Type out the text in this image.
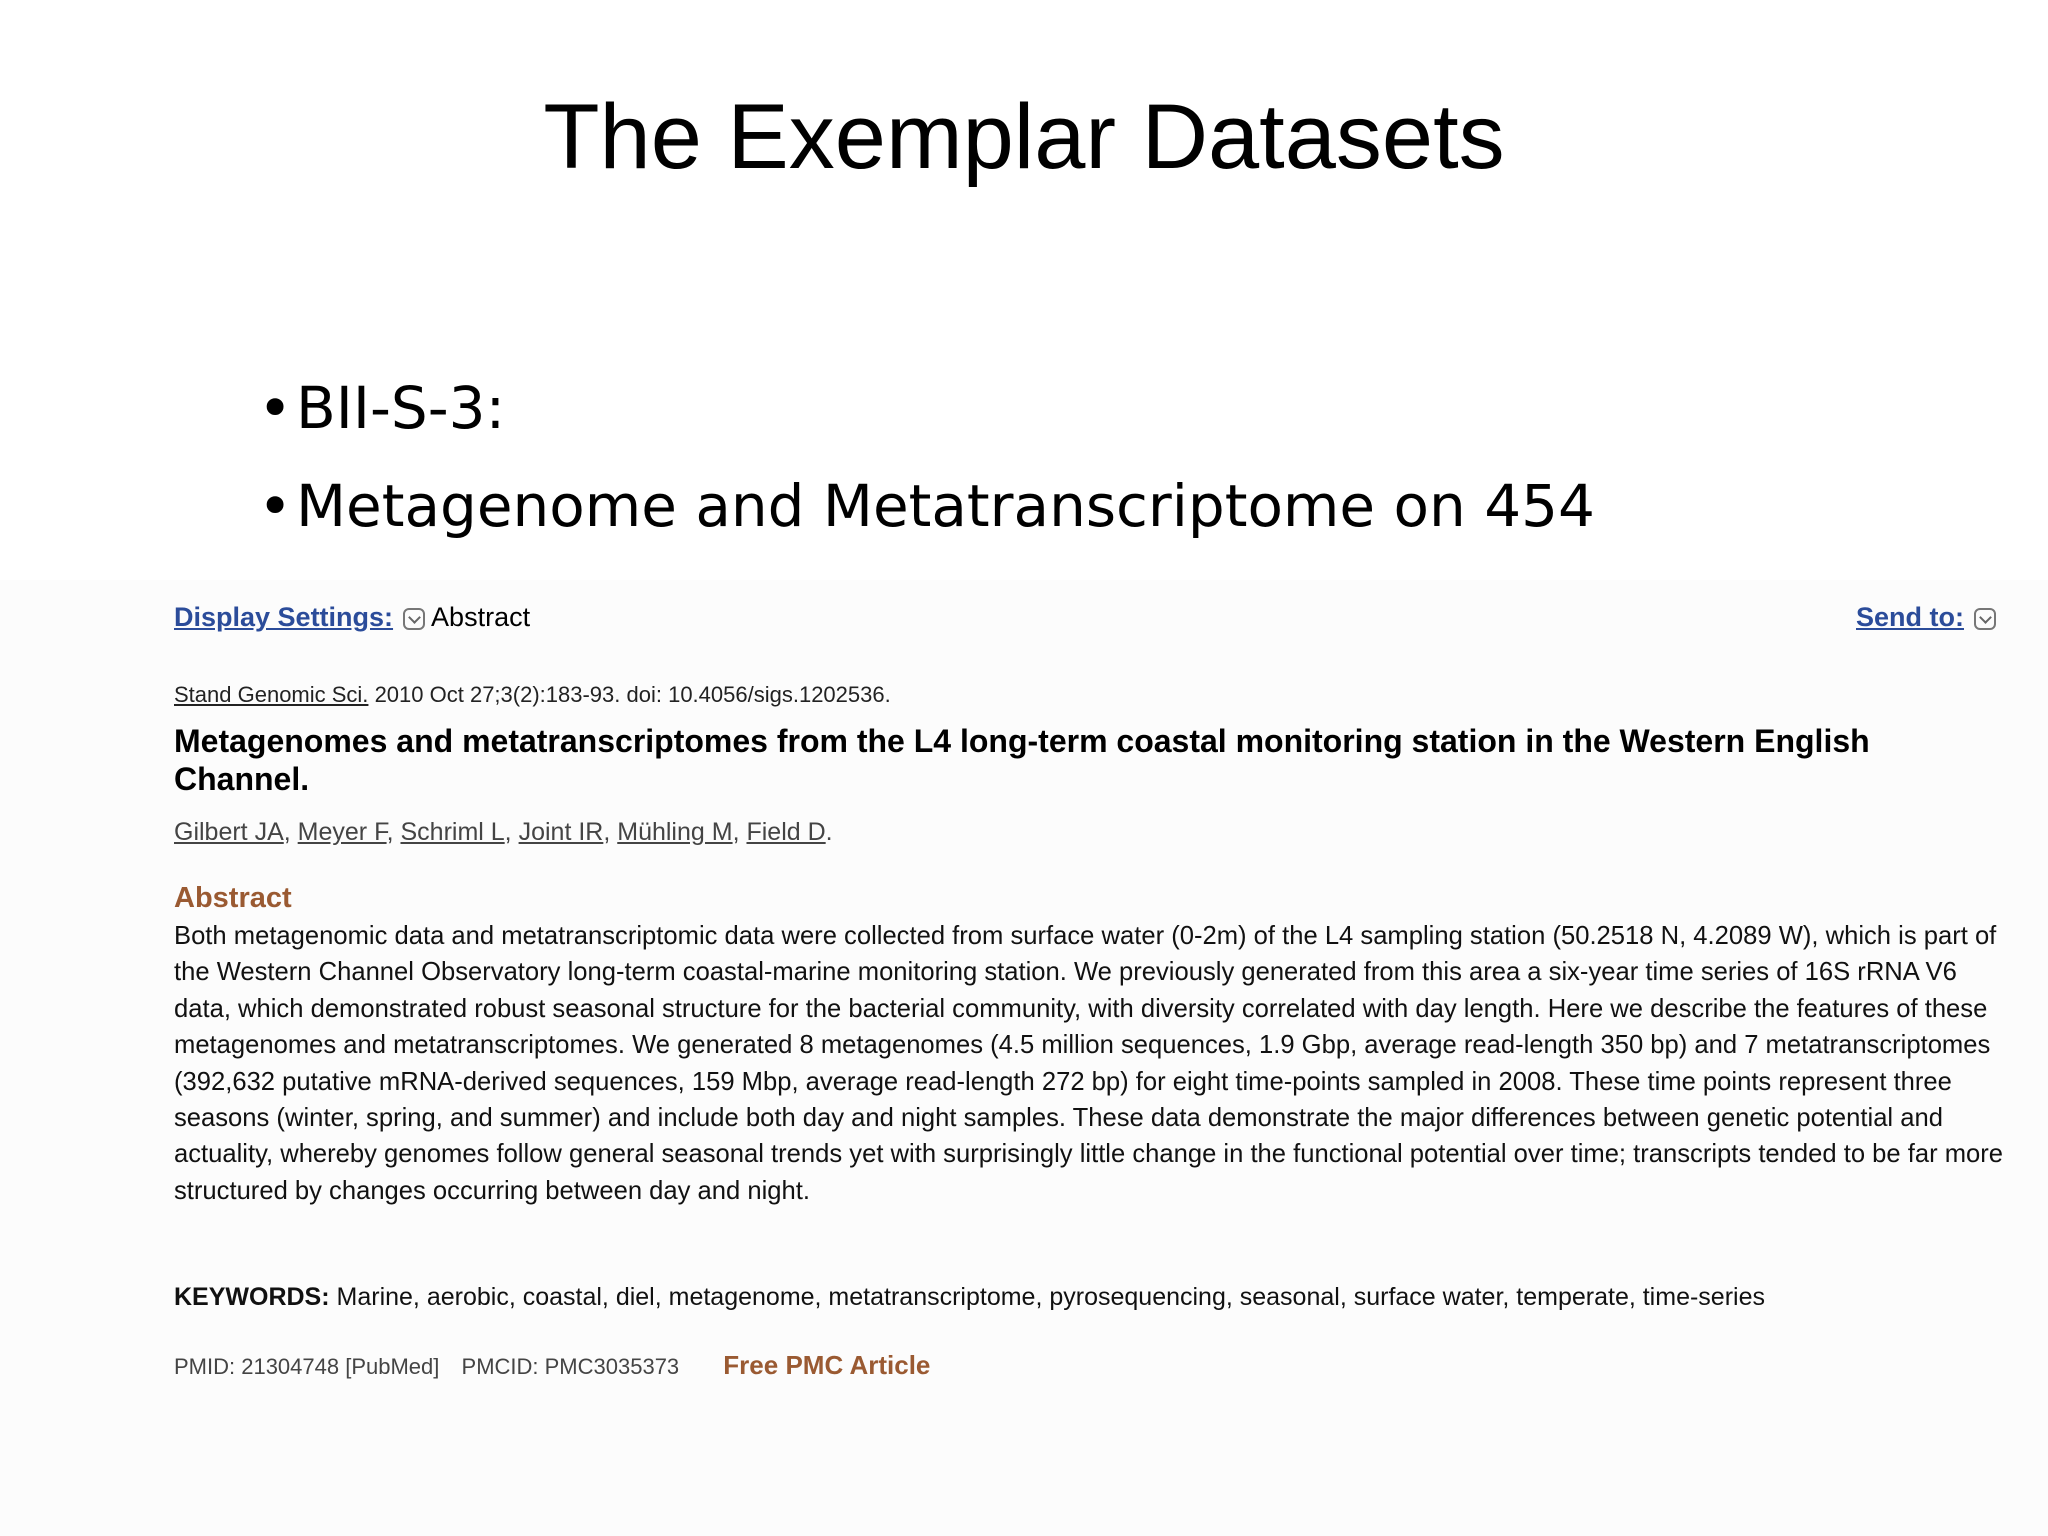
The Exemplar Datasets
•BII-S-3:
•Metagenome and Metatranscriptome on 454
Display Settings: Abstract	Send to:
Stand Genomic Sci. 2010 Oct 27;3(2):183-93. doi: 10.4056/sigs.1202536.
Metagenomes and metatranscriptomes from the L4 long-term coastal monitoring station in the Western English Channel.
Gilbert JA, Meyer F, Schriml L, Joint IR, Mühling M, Field D.
Abstract
Both metagenomic data and metatranscriptomic data were collected from surface water (0-2m) of the L4 sampling station (50.2518 N, 4.2089 W), which is part of the Western Channel Observatory long-term coastal-marine monitoring station. We previously generated from this area a six-year time series of 16S rRNA V6 data, which demonstrated robust seasonal structure for the bacterial community, with diversity correlated with day length. Here we describe the features of these metagenomes and metatranscriptomes. We generated 8 metagenomes (4.5 million sequences, 1.9 Gbp, average read-length 350 bp) and 7 metatranscriptomes (392,632 putative mRNA-derived sequences, 159 Mbp, average read-length 272 bp) for eight time-points sampled in 2008. These time points represent three seasons (winter, spring, and summer) and include both day and night samples. These data demonstrate the major differences between genetic potential and actuality, whereby genomes follow general seasonal trends yet with surprisingly little change in the functional potential over time; transcripts tended to be far more structured by changes occurring between day and night.
KEYWORDS: Marine, aerobic, coastal, diel, metagenome, metatranscriptome, pyrosequencing, seasonal, surface water, temperate, time-series
PMID: 21304748 [PubMed] PMCID: PMC3035373 Free PMC Article
